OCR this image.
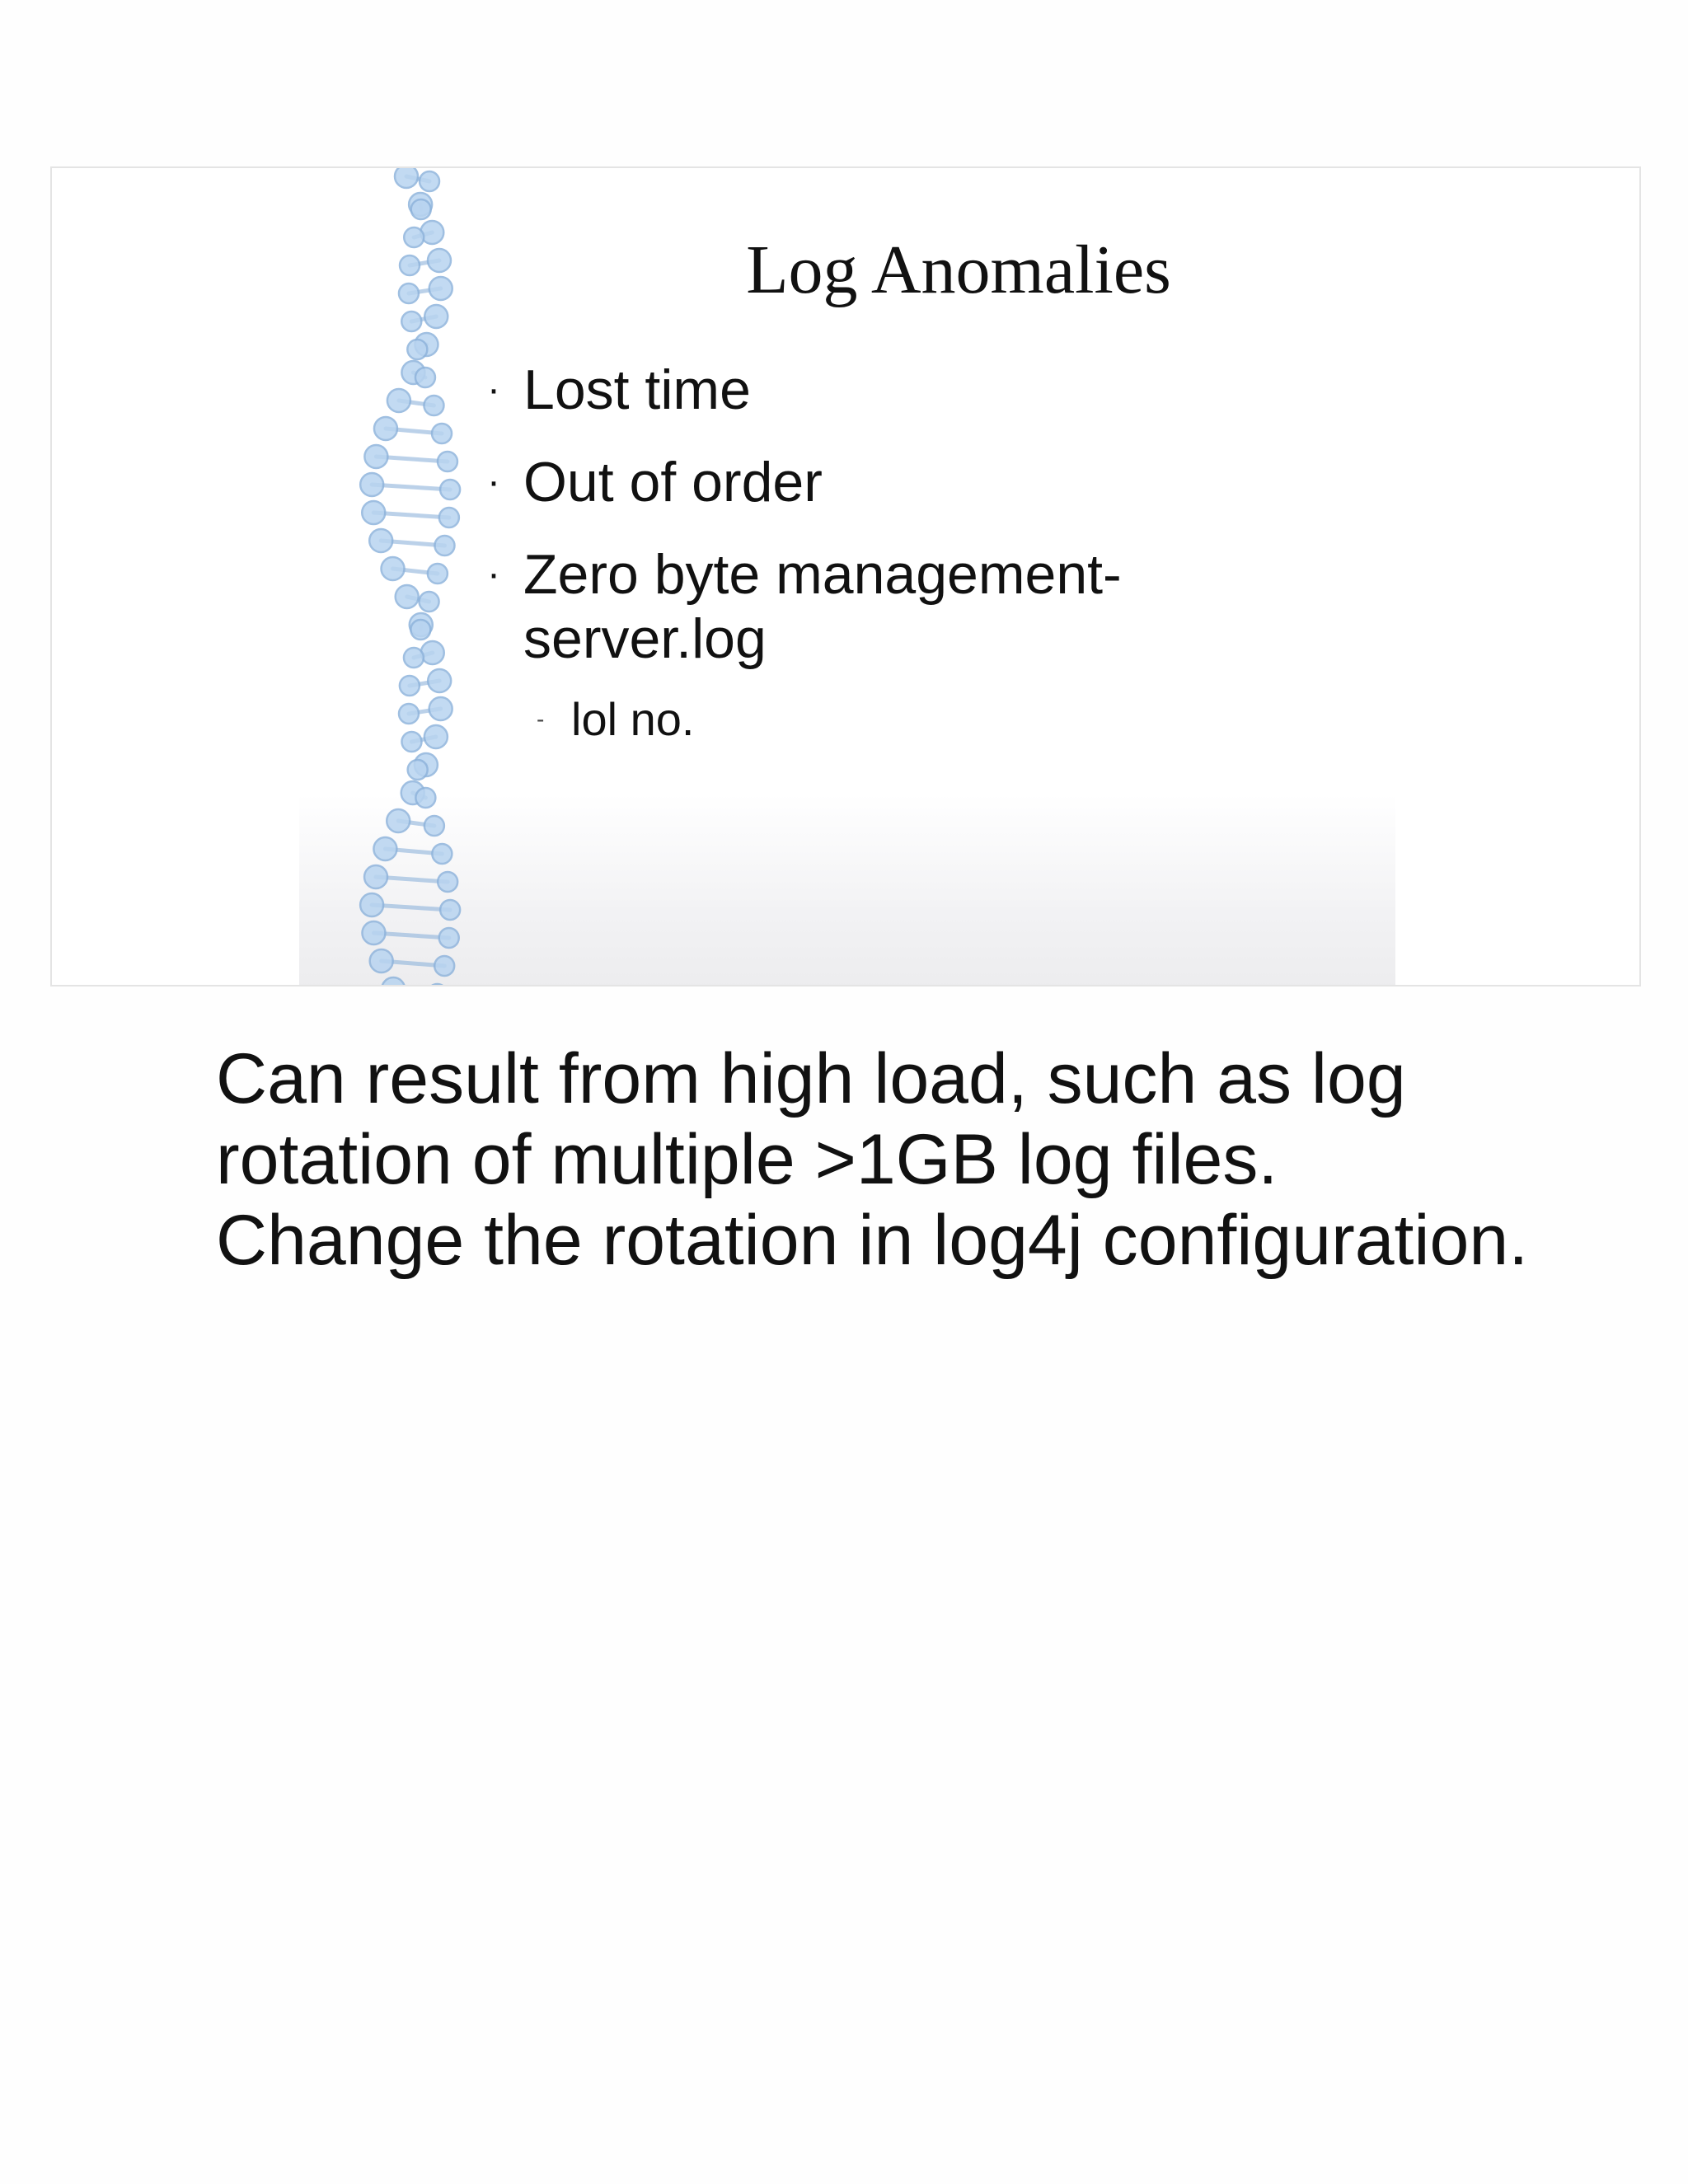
Log Anomalies
· Lost time
· Out of order
· Zero byte management-server.log
- lol no.
Can result from high load, such as log rotation of multiple >1GB log files. Change the rotation in log4j configuration.
